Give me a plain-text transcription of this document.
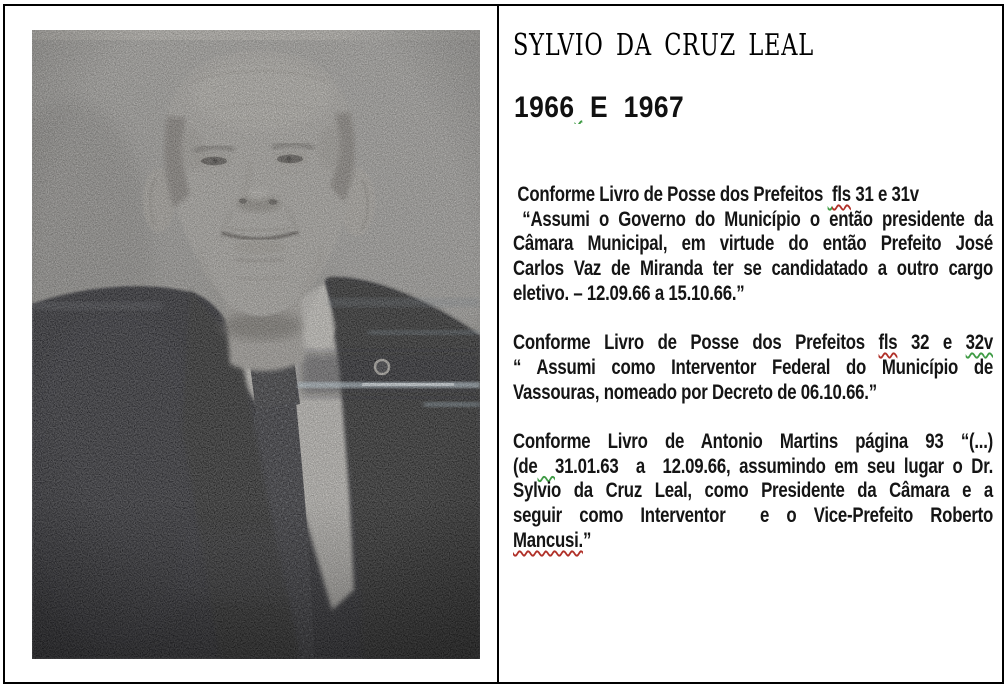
SYLVIO DA CRUZ LEAL
1966  E  1967
Conforme Livro de Posse dos Prefeitos  fls 31 e 31v
“Assumi o Governo do Município o então presidente da
Câmara Municipal, em virtude do então Prefeito José
Carlos Vaz de Miranda ter se candidatado a outro cargo
eletivo. – 12.09.66 a 15.10.66.”
Conforme Livro de Posse dos Prefeitos fls 32 e 32v
“ Assumi como Interventor Federal do Município de
Vassouras, nomeado por Decreto de 06.10.66.”
Conforme Livro de Antonio Martins página 93 “(...)
(de 31.01.63  a  12.09.66, assumindo em seu lugar o Dr.
Sylvio da Cruz Leal, como Presidente da Câmara e a
seguir como Interventor  e o Vice-Prefeito Roberto
Mancusi.”
